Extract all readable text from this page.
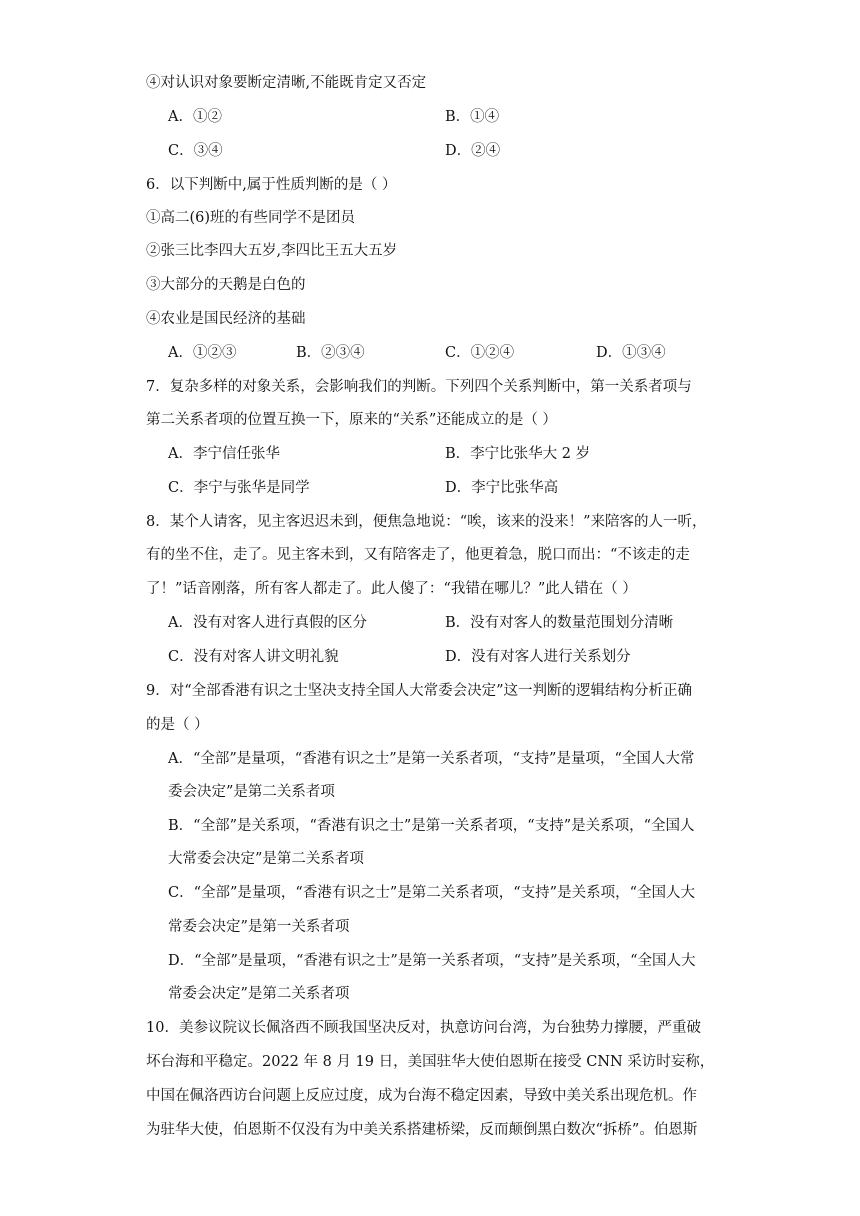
④对认识对象要断定清晰,不能既肯定又否定
A．①②	B．①④
C．③④	D．②④
6．以下判断中,属于性质判断的是（ ）
①高二(6)班的有些同学不是团员
②张三比李四大五岁,李四比王五大五岁
③大部分的天鹅是白色的
④农业是国民经济的基础
A．①②③	B．②③④	C．①②④	D．①③④
7．复杂多样的对象关系，会影响我们的判断。下列四个关系判断中，第一关系者项与
第二关系者项的位置互换一下，原来的“关系”还能成立的是（ ）
A．李宁信任张华	B．李宁比张华大 2 岁
C．李宁与张华是同学	D．李宁比张华高
8．某个人请客，见主客迟迟未到，便焦急地说：“唉，该来的没来！”来陪客的人一听，
有的坐不住，走了。见主客未到，又有陪客走了，他更着急，脱口而出：“不该走的走
了！”话音刚落，所有客人都走了。此人傻了：“我错在哪儿？”此人错在（ ）
A．没有对客人进行真假的区分	B．没有对客人的数量范围划分清晰
C．没有对客人讲文明礼貌	D．没有对客人进行关系划分
9．对“全部香港有识之士坚决支持全国人大常委会决定”这一判断的逻辑结构分析正确
的是（ ）
A．“全部”是量项，“香港有识之士”是第一关系者项，“支持”是量项，“全国人大常
委会决定”是第二关系者项
B．“全部”是关系项，“香港有识之士”是第一关系者项，“支持”是关系项，“全国人
大常委会决定”是第二关系者项
C．“全部”是量项，“香港有识之士”是第二关系者项，“支持”是关系项，“全国人大
常委会决定”是第一关系者项
D．“全部”是量项，“香港有识之士”是第一关系者项，“支持”是关系项，“全国人大
常委会决定”是第二关系者项
10．美参议院议长佩洛西不顾我国坚决反对，执意访问台湾，为台独势力撑腰，严重破
坏台海和平稳定。2022 年 8 月 19 日，美国驻华大使伯恩斯在接受 CNN 采访时妄称，
中国在佩洛西访台问题上反应过度，成为台海不稳定因素，导致中美关系出现危机。作
为驻华大使，伯恩斯不仅没有为中美关系搭建桥梁，反而颠倒黑白数次“拆桥”。伯恩斯
